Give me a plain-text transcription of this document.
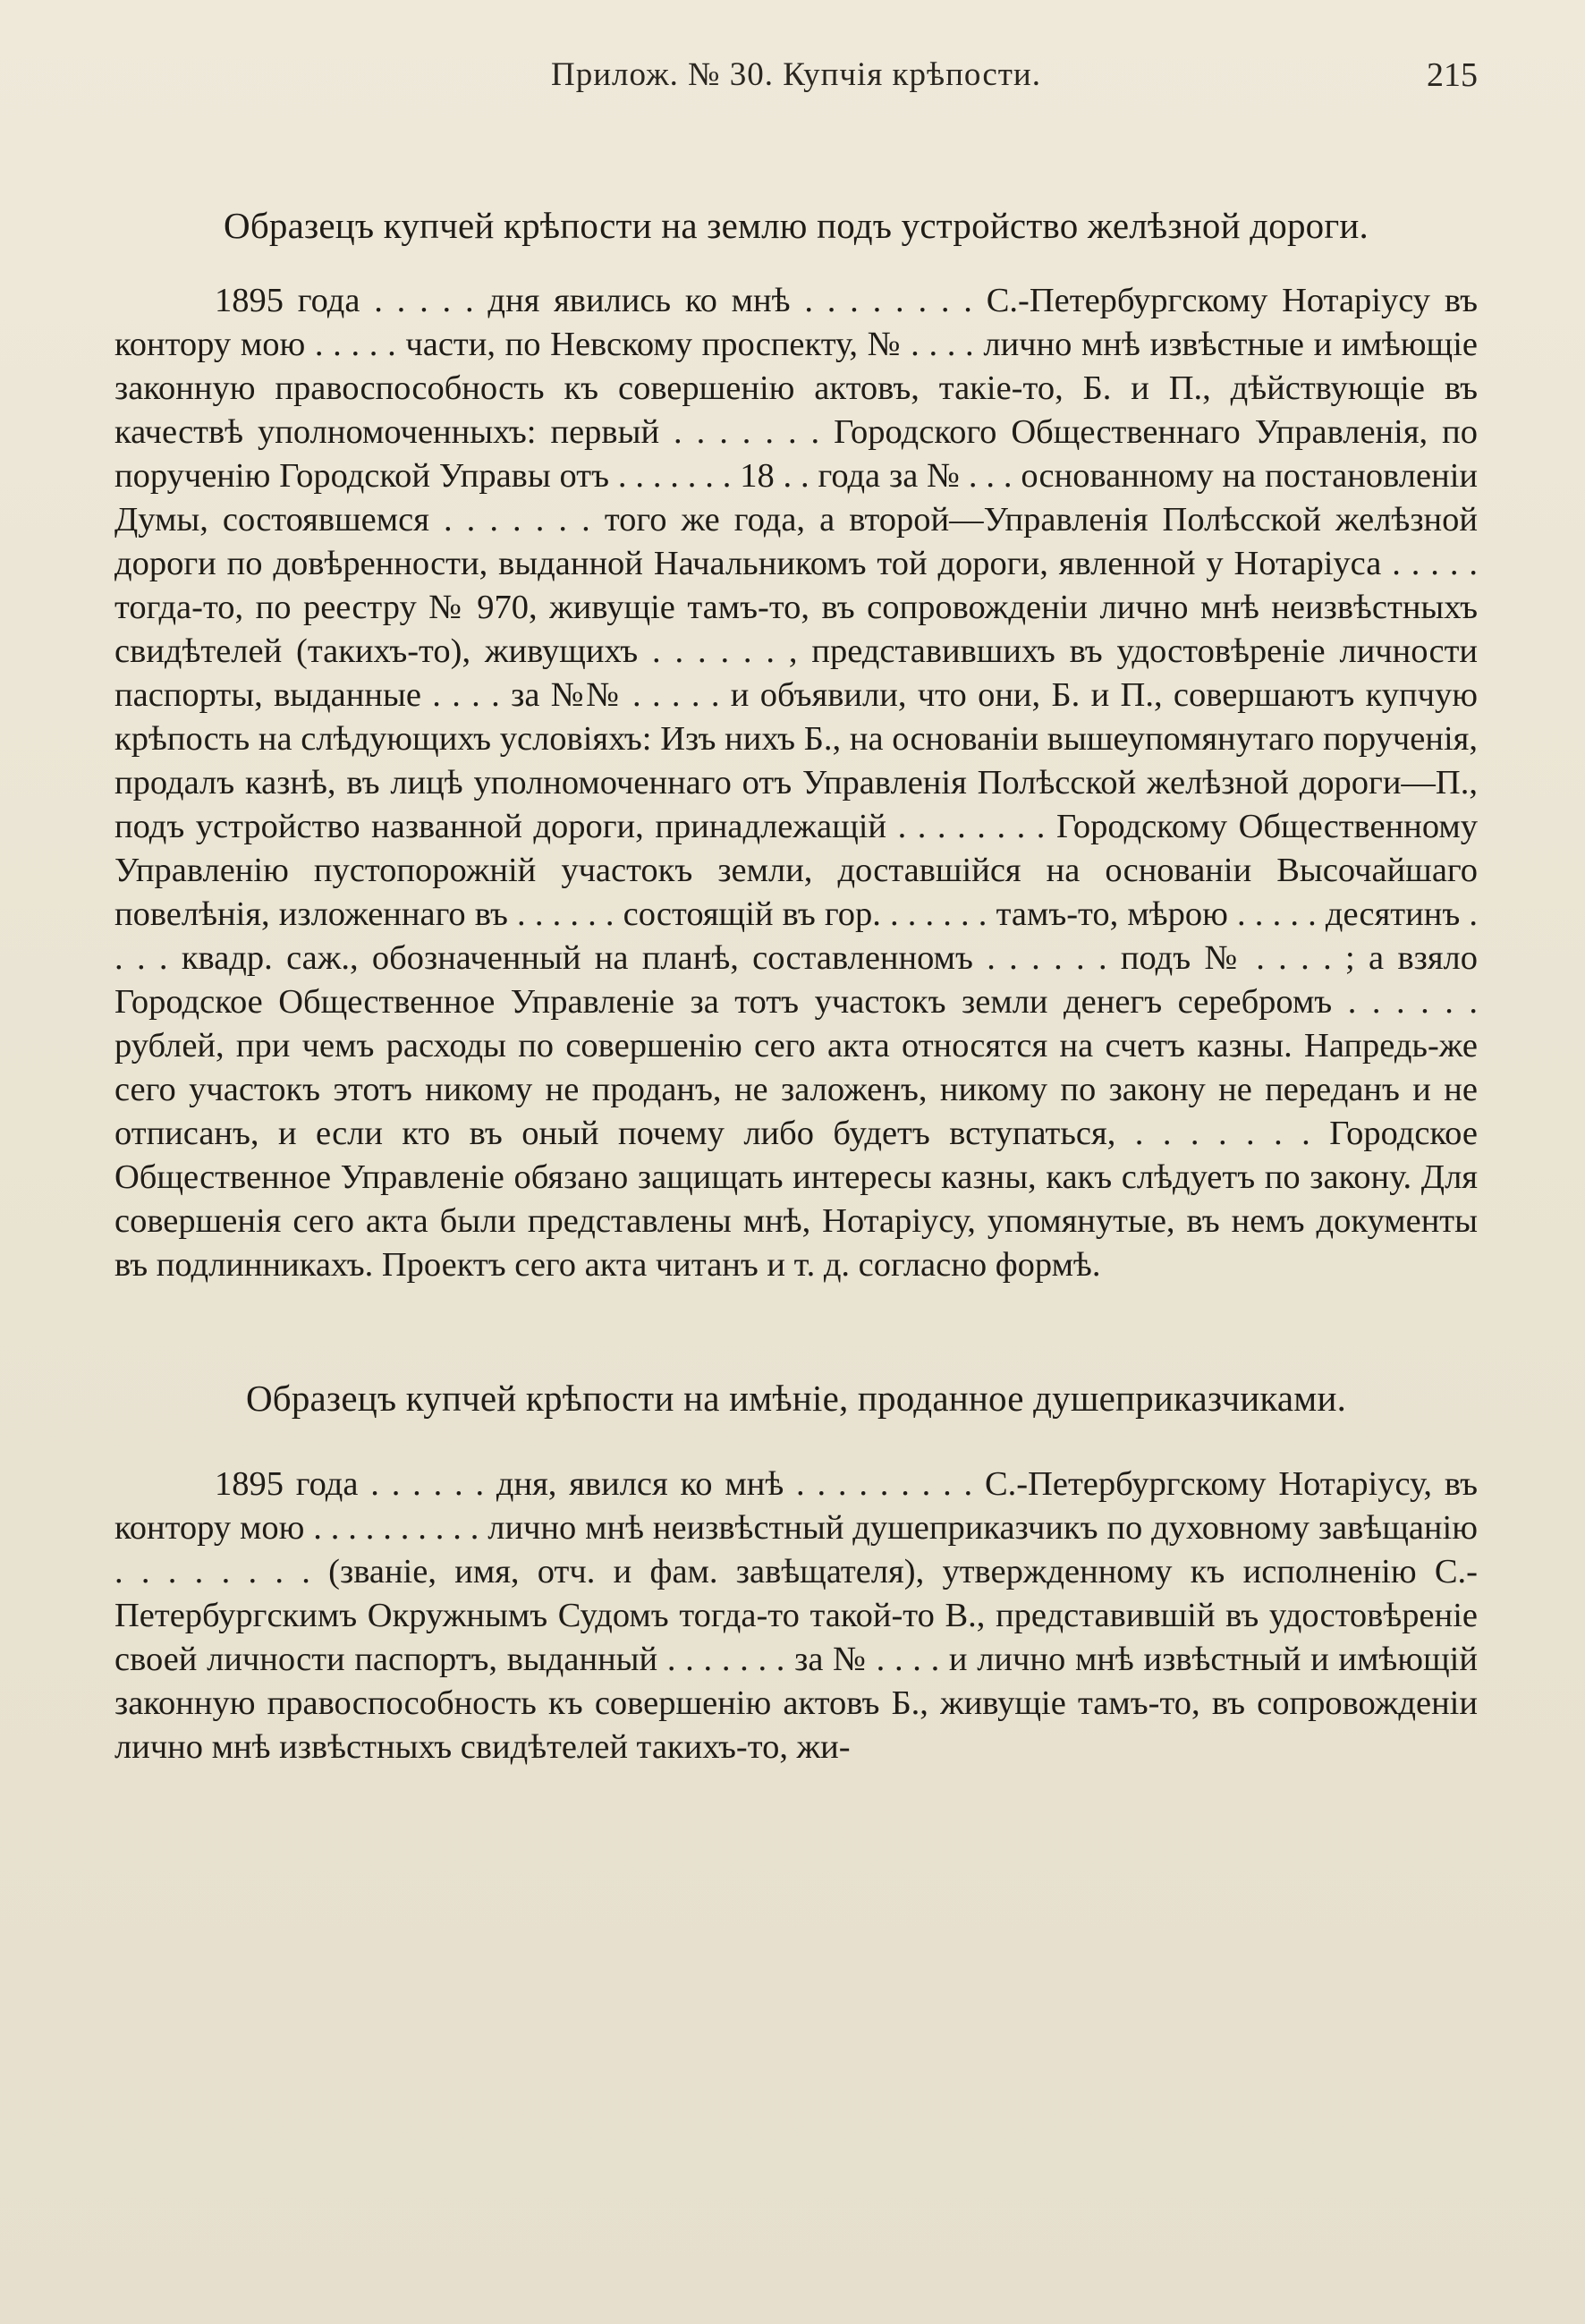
Прилож. № 30. Купчія крѣпости.	215
Образецъ купчей крѣпости на землю подъ устройство желѣзной дороги.

1895 года . . . . . дня явились ко мнѣ . . . . . . . . С.-Петербургскому Нотаріусу въ контору мою . . . . . части, по Невскому проспекту, № . . . . лично мнѣ извѣстные и имѣющіе законную правоспособность къ совершенію актовъ, такіе-то, Б. и П., дѣйствующіе въ качествѣ уполномоченныхъ: первый . . . . . . . Городского Общественнаго Управленія, по порученію Городской Управы отъ . . . . . . . 18 . . года за № . . . основанному на постановленіи Думы, состоявшемся . . . . . . . того же года, а второй—Управленія Полѣсской желѣзной дороги по довѣренности, выданной Начальникомъ той дороги, явленной у Нотаріуса . . . . . тогда-то, по реестру № 970, живущіе тамъ-то, въ сопровожденіи лично мнѣ неизвѣстныхъ свидѣтелей (такихъ-то), живущихъ . . . . . . , представившихъ въ удостовѣреніе личности паспорты, выданные . . . . за №№ . . . . . и объявили, что они, Б. и П., совершаютъ купчую крѣпость на слѣдующихъ условіяхъ: Изъ нихъ Б., на основаніи вышеупомянутаго порученія, продалъ казнѣ, въ лицѣ уполномоченнаго отъ Управленія Полѣсской желѣзной дороги—П., подъ устройство названной дороги, принадлежащій . . . . . . . . Городскому Общественному Управленію пустопорожній участокъ земли, доставшійся на основаніи Высочайшаго повелѣнія, изложеннаго въ . . . . . . состоящій въ гор. . . . . . . тамъ-то, мѣрою . . . . . десятинъ . . . . квадр. саж., обозначенный на планѣ, составленномъ . . . . . . подъ № . . . . ; а взяло Городское Общественное Управленіе за тотъ участокъ земли денегъ серебромъ . . . . . . рублей, при чемъ расходы по совершенію сего акта относятся на счетъ казны. Напредь-же сего участокъ этотъ никому не проданъ, не заложенъ, никому по закону не переданъ и не отписанъ, и если кто въ оный почему либо будетъ вступаться, . . . . . . . Городское Общественное Управленіе обязано защищать интересы казны, какъ слѣдуетъ по закону. Для совершенія сего акта были представлены мнѣ, Нотаріусу, упомянутые, въ немъ документы въ подлинникахъ. Проектъ сего акта читанъ и т. д. согласно формѣ.

Образецъ купчей крѣпости на имѣніе, проданное душеприказчиками.

1895 года . . . . . . дня, явился ко мнѣ . . . . . . . . . С.-Петербургскому Нотаріусу, въ контору мою . . . . . . . . . . лично мнѣ неизвѣстный душеприказчикъ по духовному завѣщанію . . . . . . . . (званіе, имя, отч. и фам. завѣщателя), утвержденному къ исполненію С.-Петербургскимъ Окружнымъ Судомъ тогда-то такой-то В., представившій въ удостовѣреніе своей личности паспортъ, выданный . . . . . . . за № . . . . и лично мнѣ извѣстный и имѣющій законную правоспособность къ совершенію актовъ Б., живущіе тамъ-то, въ сопровожденіи лично мнѣ извѣстныхъ свидѣтелей такихъ-то, жи-
